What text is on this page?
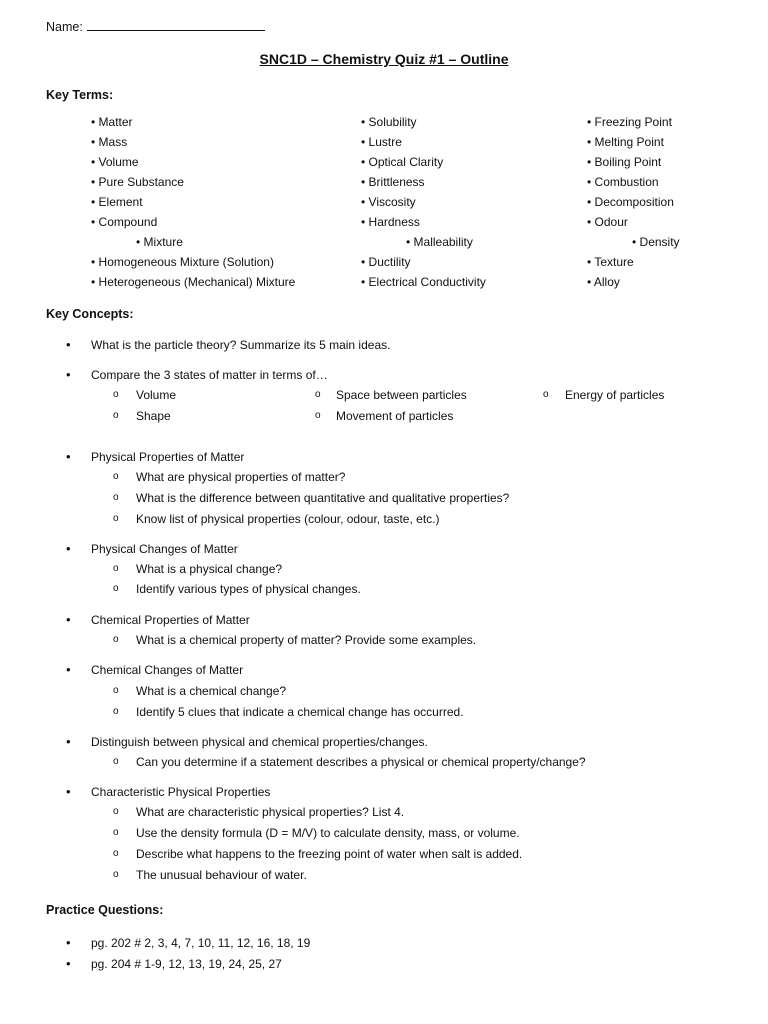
Name:
SNC1D – Chemistry Quiz #1 – Outline
Key Terms:
• Matter
• Mass
• Volume
• Pure Substance
• Element
• Compound
• Mixture
• Homogeneous Mixture (Solution)
• Heterogeneous (Mechanical) Mixture
• Solubility
• Lustre
• Optical Clarity
• Brittleness
• Viscosity
• Hardness
• Malleability
• Ductility
• Electrical Conductivity
• Freezing Point
• Melting Point
• Boiling Point
• Combustion
• Decomposition
• Odour
• Density
• Texture
• Alloy
Key Concepts:
• What is the particle theory? Summarize its 5 main ideas.
• Compare the 3 states of matter in terms of…
o Volume	o Space between particles	o Energy of particles
o Shape	o Movement of particles
• Physical Properties of Matter
o What are physical properties of matter?
o What is the difference between quantitative and qualitative properties?
o Know list of physical properties (colour, odour, taste, etc.)
• Physical Changes of Matter
o What is a physical change?
o Identify various types of physical changes.
• Chemical Properties of Matter
o What is a chemical property of matter? Provide some examples.
• Chemical Changes of Matter
o What is a chemical change?
o Identify 5 clues that indicate a chemical change has occurred.
• Distinguish between physical and chemical properties/changes.
o Can you determine if a statement describes a physical or chemical property/change?
• Characteristic Physical Properties
o What are characteristic physical properties? List 4.
o Use the density formula (D = M/V) to calculate density, mass, or volume.
o Describe what happens to the freezing point of water when salt is added.
o The unusual behaviour of water.
Practice Questions:
• pg. 202 # 2, 3, 4, 7, 10, 11, 12, 16, 18, 19
• pg. 204 # 1-9, 12, 13, 19, 24, 25, 27
